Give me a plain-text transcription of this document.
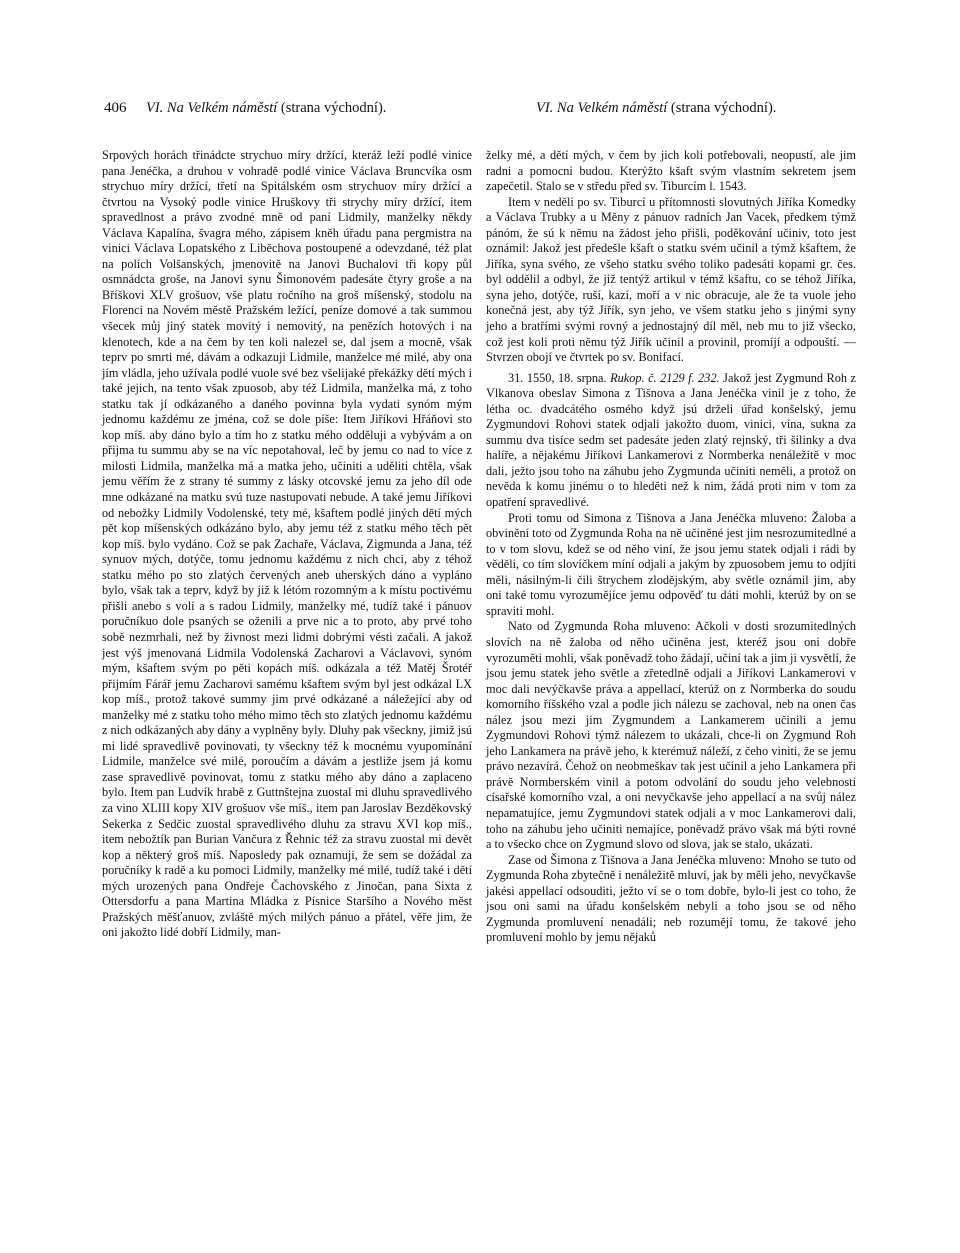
406 VI. Na Velkém náměstí (strana východní).	VI. Na Velkém náměstí (strana východní).

Srpových horách třinádcte strychuo míry držící, kteráž leží podlé vinice pana Jenéčka, a druhou v vohradě podlé vinice Václava Bruncvíka osm strychuo míry držící, třetí na Spitálském osm strychuov míry držící a čtvrtou na Vysoký podle vinice Hruškovy tři strychy míry držící, item spravedlnost a právo zvodné mně od paní Lidmily, manželky někdy Václava Kapalína, švagra mého, zápisem kněh úřadu pana pergmistra na vinici Václava Lopatského z Liběchova postoupené a odevzdané, též plat na polích Volšanských, jmenovitě na Janovi Buchalovi tři kopy půl osmnádcta groše, na Janovi synu Šimonovém padesáte čtyry groše a na Bříškovi XLV grošuov, vše platu ročního na groš míšenský, stodolu na Florenci na Novém městě Pražském ležící, peníze domové a tak summou všecek můj jiný statek movitý i nemovitý, na penězích hotových i na klenotech, kde a na čem by ten koli nalezel se, dal jsem a mocně, však teprv po smrti mé, dávám a odkazuji Lidmile, manželce mé milé, aby ona jím vládla, jeho užívala podlé vuole své bez všelijaké překážky dětí mých i také jejich, na tento však zpuosob, aby též Lidmila, manželka má, z toho statku tak jí odkázaného a daného povinna byla vydati synóm mým jednomu každému ze jména, což se dole píše: Item Jiříkovi Hřáňovi sto kop míš. aby dáno bylo a tím ho z statku mého odděluji a vybývám a on přijma tu summu aby se na víc nepotahoval, leč by jemu co nad to více z milosti Lidmila, manželka má a matka jeho, učiniti a uděliti chtěla, však jemu věřím že z strany té summy z lásky otcovské jemu za jeho díl ode mne odkázané na matku svú tuze nastupovati nebude. A také jemu Jiříkovi od nebožky Lidmily Vodolenské, tety mé, kšaftem podlé jiných dětí mých pět kop míšenských odkázáno bylo, aby jemu též z statku mého těch pět kop míš. bylo vydáno. Což se pak Zachaře, Václava, Zigmunda a Jana, též synuov mých, dotýče, tomu jednomu každému z nich chci, aby z téhož statku mého po sto zlatých červených aneb uherských dáno a vypláno bylo, však tak a teprv, když by již k létóm rozomným a k místu poctivému přišli anebo s volí a s radou Lidmily, manželky mé, tudíž také i pánuov poručníkuo dole psaných se oženili a prve nic a to proto, aby prvé toho sobě nezmrhali, než by živnost mezi lidmi dobrými vésti začali. A jakož jest výš jmenovaná Lidmila Vodolenská Zacharovi a Václavovi, synóm mým, kšaftem svým po pěti kopách míš. odkázala a též Matěj Šrotéř přijmím Fárář jemu Zacharovi samému kšaftem svým byl jest odkázal LX kop míš., protož takové summy jim prvé odkázané a náležející aby od manželky mé z statku toho mého mimo těch sto zlatých jednomu každému z nich odkázaných aby dány a vyplněny byly. Dluhy pak všeckny, jimiž jsú mi lidé spravedlivě povinovati, ty všeckny též k mocnému vyupomínání Lidmile, manželce své milé, poroučím a dávám a jestliže jsem já komu zase spravedlivě povinovat, tomu z statku mého aby dáno a zaplaceno bylo. Item pan Ludvík hrabě z Guttnštejna zuostal mi dluhu spravedlivého za vino XLIII kopy XIV grošuov vše míš., item pan Jaroslav Bezděkovský Sekerka z Sedčic zuostal spravedlivého dluhu za stravu XVI kop míš., item nebožtík pan Burian Vančura z Řehnic též za stravu zuostal mi devět kop a některý groš míš. Naposledy pak oznamuji, že sem se dožádal za poručníky k radě a ku pomoci Lidmily, manželky mé milé, tudíž také i dětí mých urozených pana Ondřeje Čachovského z Jinočan, pana Sixta z Ottersdorfu a pana Martina Mládka z Písnice Staršího a Nového měst Pražských měšťanuov, zvláště mých milých pánuo a přátel, věře jim, že oni jakožto lidé dobří Lidmily, man-

želky mé, a dětí mých, v čem by jich koli potřebovali, neopustí, ale jim radni a pomocni budou. Kterýžto kšaft svým vlastním sekretem jsem zapečetil. Stalo se v středu před sv. Tiburcím l. 1543.

Item v neděli po sv. Tiburcí u přítomnosti slovutných Jiříka Komedky a Václava Trubky a u Měny z pánuov radních Jan Vacek, předkem týmž pánóm, že sú k němu na žádost jeho přišli, poděkování učiniv, toto jest oznámil: Jakož jest předešle kšaft o statku svém učinil a týmž kšaftem, že Jiříka, syna svého, ze všeho statku svého toliko padesáti kopami gr. čes. byl oddělil a odbyl, že již tentýž artikul v témž kšaftu, co se téhož Jiříka, syna jeho, dotýče, ruší, kazí, moří a v nic obracuje, ale že ta vuole jeho konečná jest, aby týž Jiřík, syn jeho, ve všem statku jeho s jinými syny jeho a bratřími svými rovný a jednostajný díl měl, neb mu to již všecko, což jest koli proti němu týž Jiřík učinil a provinil, promíjí a odpouští. — Stvrzen obojí ve čtvrtek po sv. Bonifací.

31. 1550, 18. srpna. Rukop. č. 2129 f. 232. Jakož jest Zygmund Roh z Vlkanova obeslav Simona z Tišnova a Jana Jenéčka vinil je z toho, že létha oc. dvadcátého osmého když jsú drželi úřad konšelský, jemu Zygmundovi Rohovi statek odjali jakožto duom, vinici, vína, sukna za summu dva tisíce sedm set padesáte jeden zlatý rejnský, tři šilinky a dva halíře, a nějakému Jiříkovi Lankamerovi z Normberka nenáležitě v moc dali, ježto jsou toho na záhubu jeho Zygmunda učiniti neměli, a protož on nevěda k komu jinému o to hleděti než k nim, žádá proti nim v tom za opatření spravedlivé.

Proti tomu od Simona z Tišnova a Jana Jenéčka mluveno: Žaloba a obvinění toto od Zygmunda Roha na ně učiněné jest jim nesrozumitedlné a to v tom slovu, kdež se od něho viní, že jsou jemu statek odjali i rádi by věděli, co tím slovíčkem míní odjali a jakým by zpuosobem jemu to odjíti měli, násilným-li čili štrychem zlodějským, aby světle oznámil jim, aby oni také tomu vyrozumějíce jemu odpověď tu dáti mohli, kterúž by on se spraviti mohl.

Nato od Zygmunda Roha mluveno: Ačkoli v dosti srozumitedlných slovích na ně žaloba od něho učiněna jest, kteréž jsou oni dobře vyrozuměti mohli, však poněvadž toho žádají, učiní tak a jim ji vysvětlí, že jsou jemu statek jeho světle a zřetedlně odjali a Jiříkovi Lankamerovi v moc dali nevýčkavše práva a appellací, kterúž on z Normberka do soudu komorního říšského vzal a podle jich nálezu se zachoval, neb na onen čas nález jsou mezi jim Zygmundem a Lankamerem učinili a jemu Zygmundovi Rohovi týmž nálezem to ukázali, chce-li on Zygmund Roh jeho Lankamera na právě jeho, k kterémuž náleží, z čeho viniti, že se jemu právo nezavírá. Čehož on neobmeškav tak jest učinil a jeho Lankamera při právě Normberském vinil a potom odvolání do soudu jeho velebnosti císařské komorního vzal, a oni nevyčkavše jeho appellací a na svůj nález nepamatujíce, jemu Zygmundovi statek odjali a v moc Lankamerovi dali, toho na záhubu jeho učiniti nemajíce, poněvadž právo však má býti rovné a to všecko chce on Zygmund slovo od slova, jak se stalo, ukázati.

Zase od Šimona z Tišnova a Jana Jenéčka mluveno: Mnoho se tuto od Zygmunda Roha zbytečně i nenáležitě mluví, jak by měli jeho, nevyčkavše jakési appellací odsouditi, ježto ví se o tom dobře, bylo-li jest co toho, že jsou oni sami na úřadu konšelském nebyli a toho jsou se od něho Zygmunda promluvení nenadáli; neb rozumějí tomu, že takové jeho promluvení mohlo by jemu nějaků
